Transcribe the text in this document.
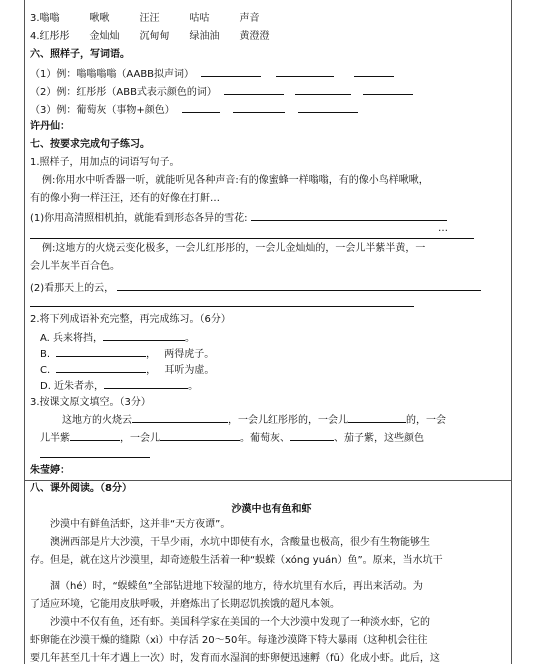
3.嗡嗡　　　啾啾　　　汪汪　　　咕咕　　　声音
4.红彤彤　　金灿灿　　沉甸甸　　绿油油　　黄澄澄
六、照样子，写词语。
（1）例：嗡嗡嗡嗡（AABB拟声词）
（2）例：红彤彤（ABB式表示颜色的词）
（3）例：葡萄灰（事物+颜色）
许丹仙：
七、按要求完成句子练习。
1.照样子，用加点的词语写句子。
例:你用水中听香器一听，就能听见各种声音:有的像蜜蜂一样嗡嗡，有的像小鸟样啾啾，
有的像小狗一样汪汪，还有的好像在打鼾…
(1)你用高清照相机拍，就能看到形态各异的雪花:
…
例:这地方的火烧云变化极多，一会儿红彤彤的，一会儿金灿灿的，一会儿半紫半黄，一
会儿半灰半百合色。
(2)看那天上的云，
2.将下列成语补充完整，再完成练习。（6分）
A. 兵来将挡，	。
B.	，　 两得虎子。
C.	，　 耳听为虚。
D. 近朱者赤，	。
3.按课文原文填空。（3分）
这地方的火烧云	，一会儿红彤彤的，一会儿	的，一会
儿半紫	，一会儿	。葡萄灰、	、茄子紫，这些颜色
朱莹婷：
八、课外阅读。（8分）
沙漠中也有鱼和虾
沙漠中有鲜鱼活虾，这并非“天方夜谭”。
澳洲西部是片大沙漠，干旱少雨，水坑中即使有水，含酸量也极高，很少有生物能够生
存。但是，就在这片沙漠里，却奇迹般生活着一种“蜈蝾（xóng yuán）鱼”。原来，当水坑干
涸（hé）时，“蜈蝾鱼”全部钻进地下较湿的地方，待水坑里有水后，再出来活动。为
了适应环境，它能用皮肤呼吸，并磨炼出了长期忍饥挨饿的超凡本领。
沙漠中不仅有鱼，还有虾。美国科学家在美国的一个大沙漠中发现了一种淡水虾，它的
虾卵能在沙漠干燥的缝隙（xì）中存活 20～50年。每逢沙漠降下特大暴雨（这种机会往往
要几年甚至几十年才遇上一次）时，发育而水湿润的虾卵便迅速孵（fū）化成小虾。此后，这
